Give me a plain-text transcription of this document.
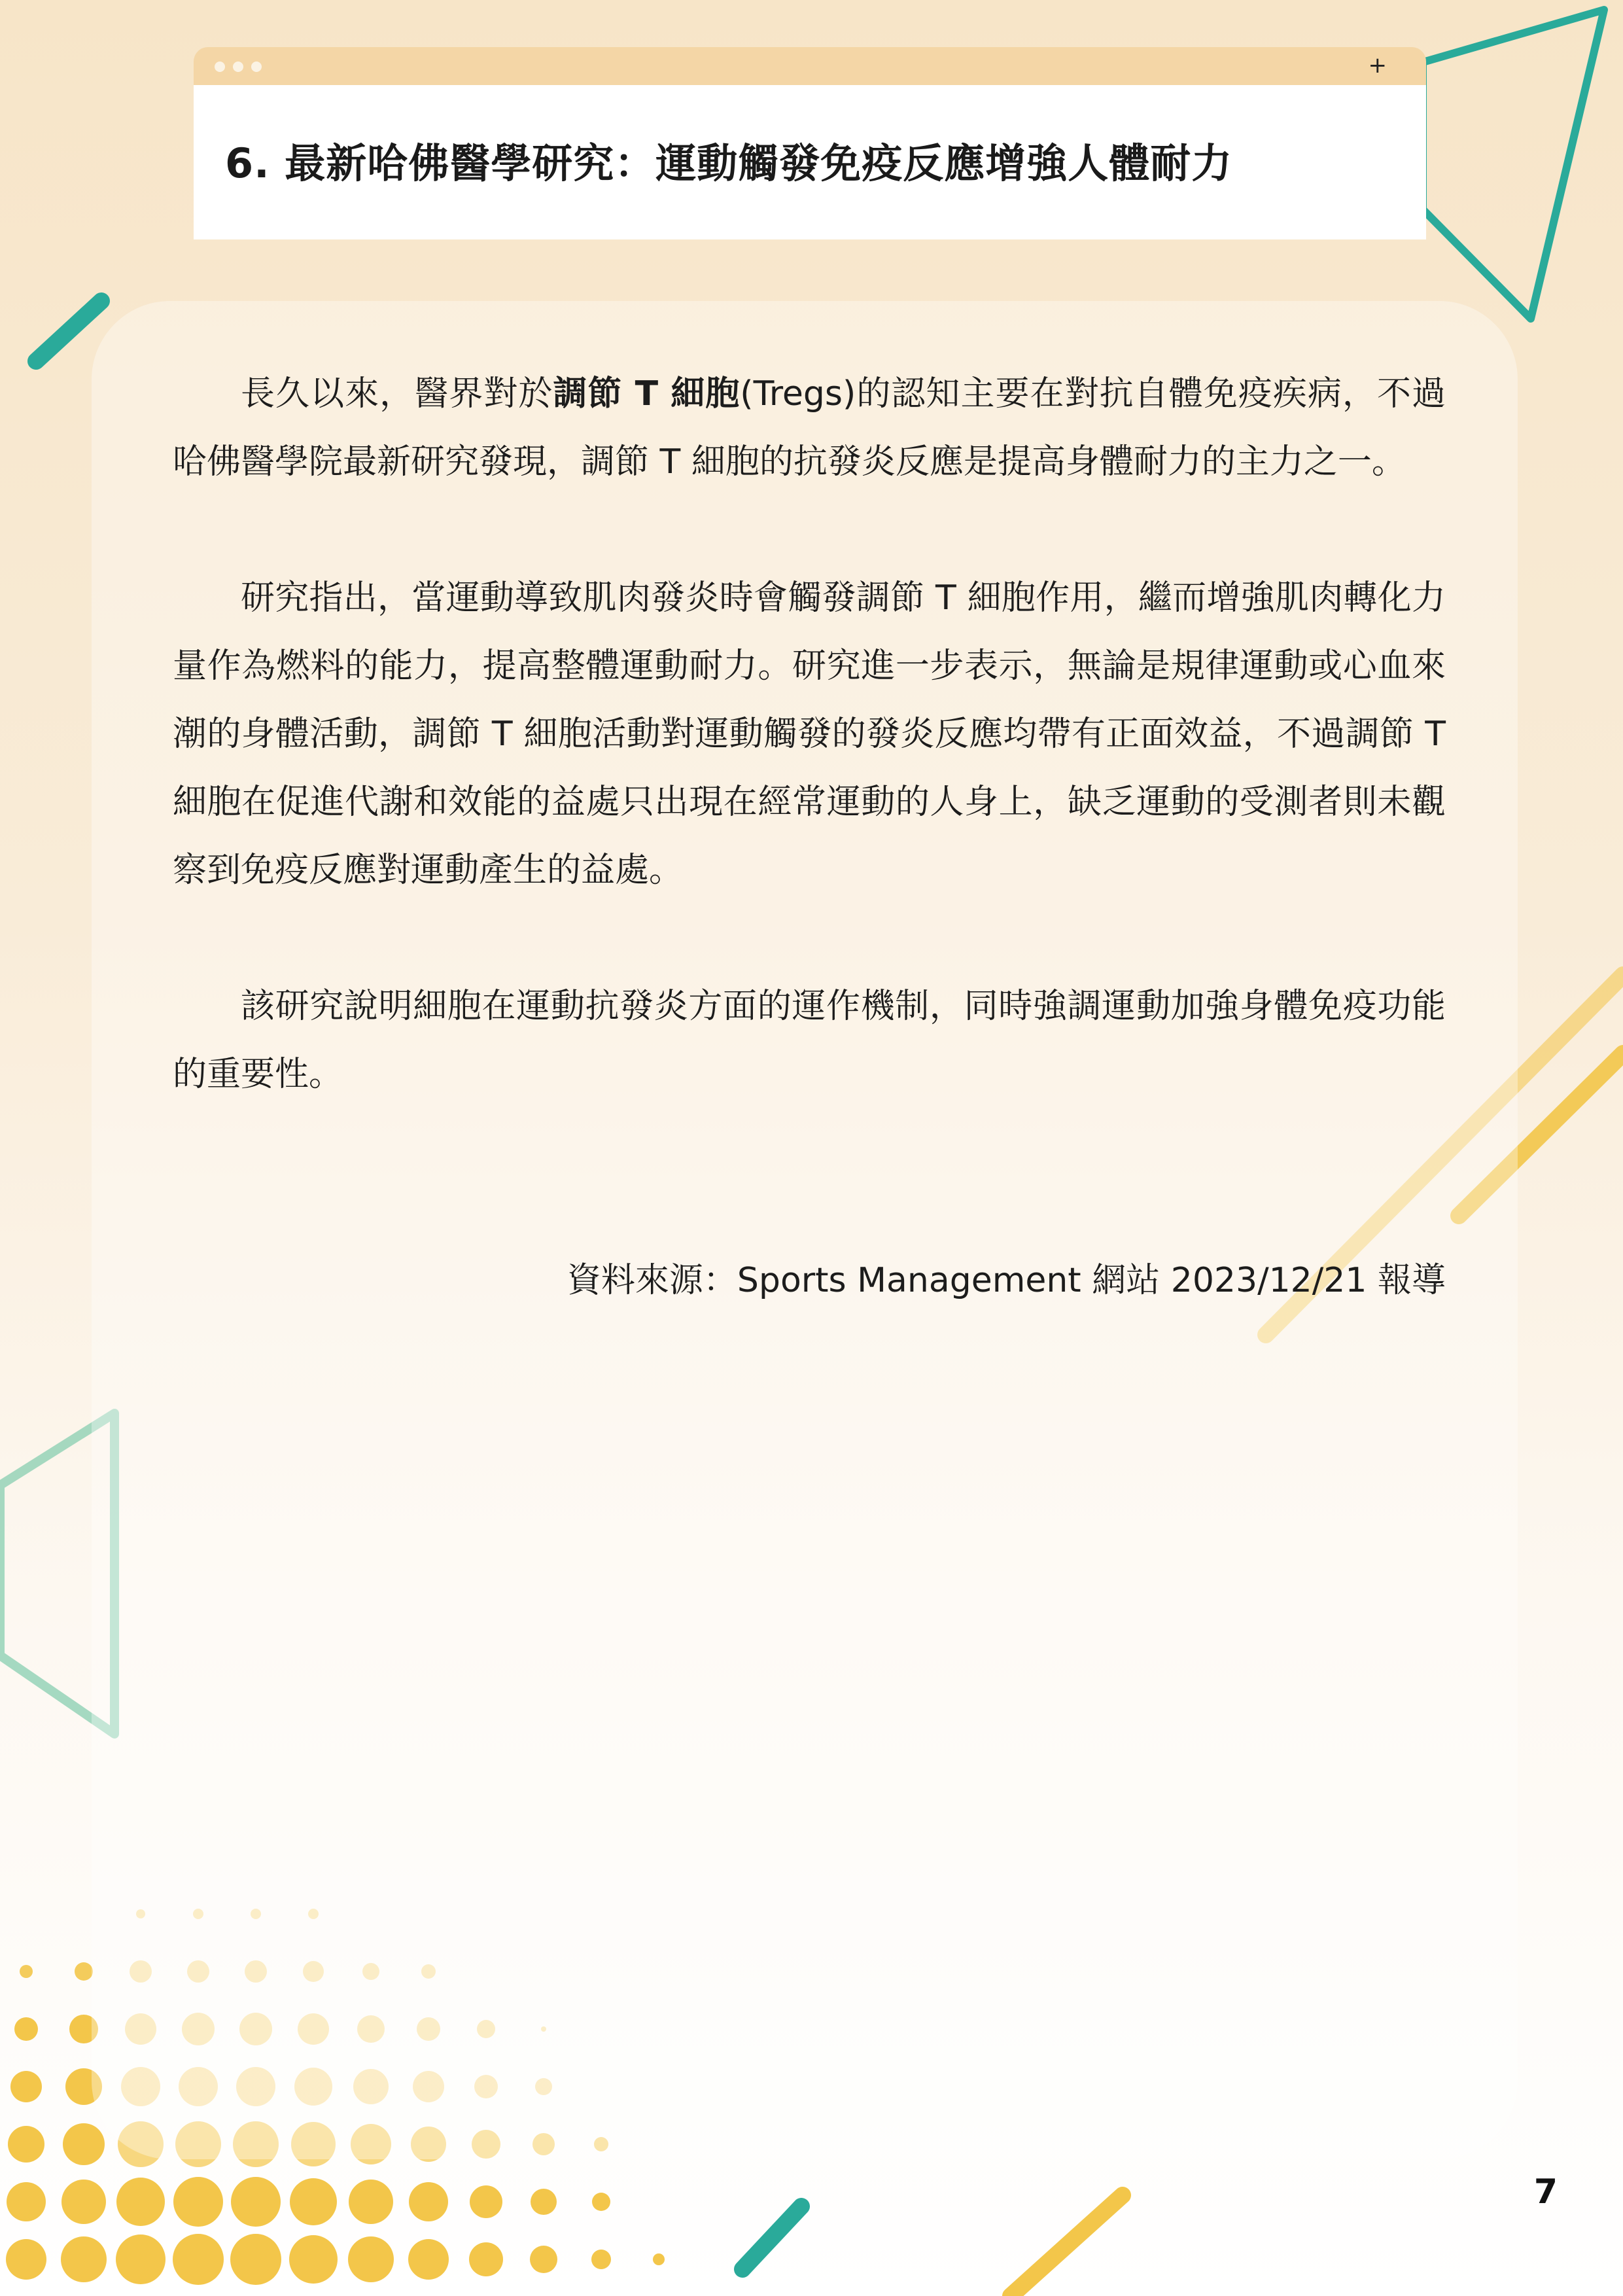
+
6. 最新哈佛醫學研究：運動觸發免疫反應增強人體耐力

長久以來，醫界對於調節 T 細胞(Tregs)的認知主要在對抗自體免疫疾病，不過哈佛醫學院最新研究發現，調節 T 細胞的抗發炎反應是提高身體耐力的主力之一。

研究指出，當運動導致肌肉發炎時會觸發調節 T 細胞作用，繼而增強肌肉轉化力量作為燃料的能力，提高整體運動耐力。研究進一步表示，無論是規律運動或心血來潮的身體活動，調節 T 細胞活動對運動觸發的發炎反應均帶有正面效益，不過調節 T 細胞在促進代謝和效能的益處只出現在經常運動的人身上，缺乏運動的受測者則未觀察到免疫反應對運動產生的益處。

該研究說明細胞在運動抗發炎方面的運作機制，同時強調運動加強身體免疫功能的重要性。

資料來源：Sports Management 網站 2023/12/21 報導
7
